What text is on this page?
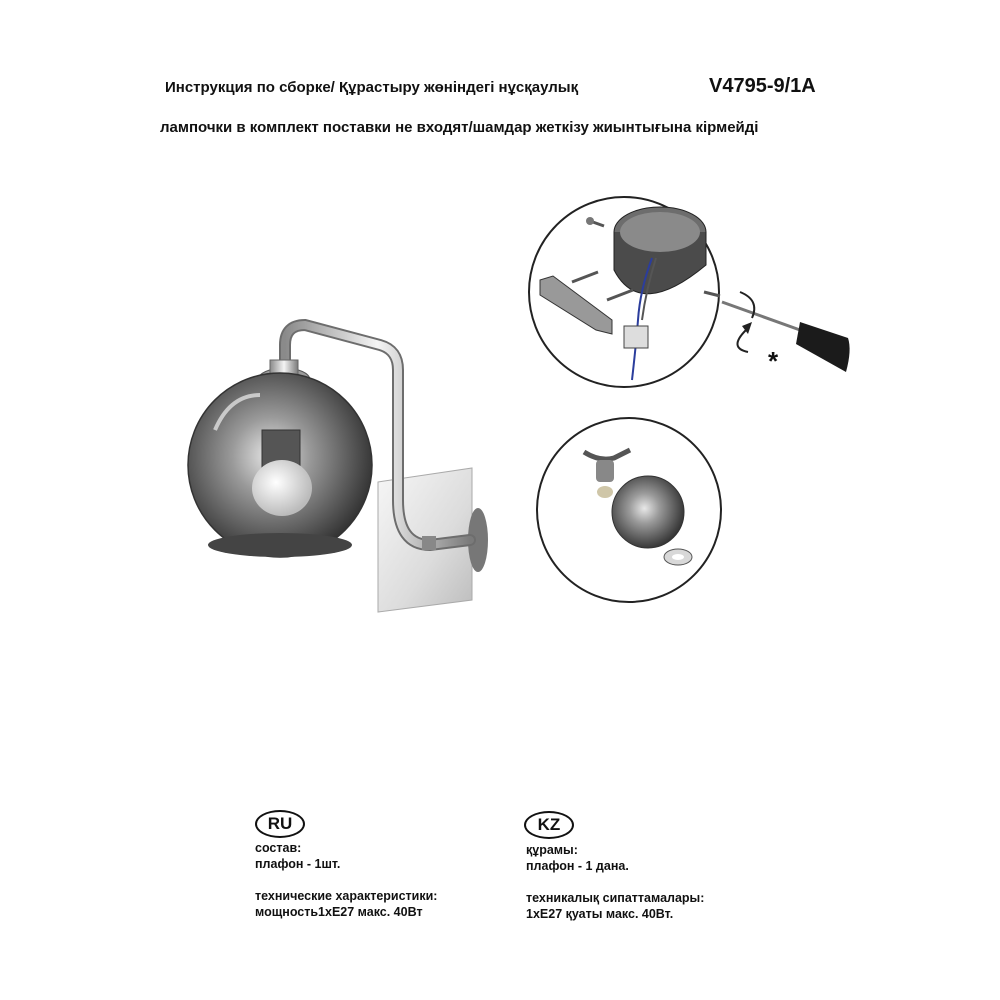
Инструкция по сборке/ Құрастыру жөніндегі нұсқаулық	V4795-9/1A
лампочки в комплект поставки не входят/шамдар жеткізу жиынтығына кірмейді
*
RU
состав:
плафон - 1шт.
технические характеристики:
мощность1хЕ27 макс. 40Вт
KZ
құрамы:
плафон - 1 дана.
техникалық сипаттамалары:
1хЕ27 қуаты макс. 40Вт.
